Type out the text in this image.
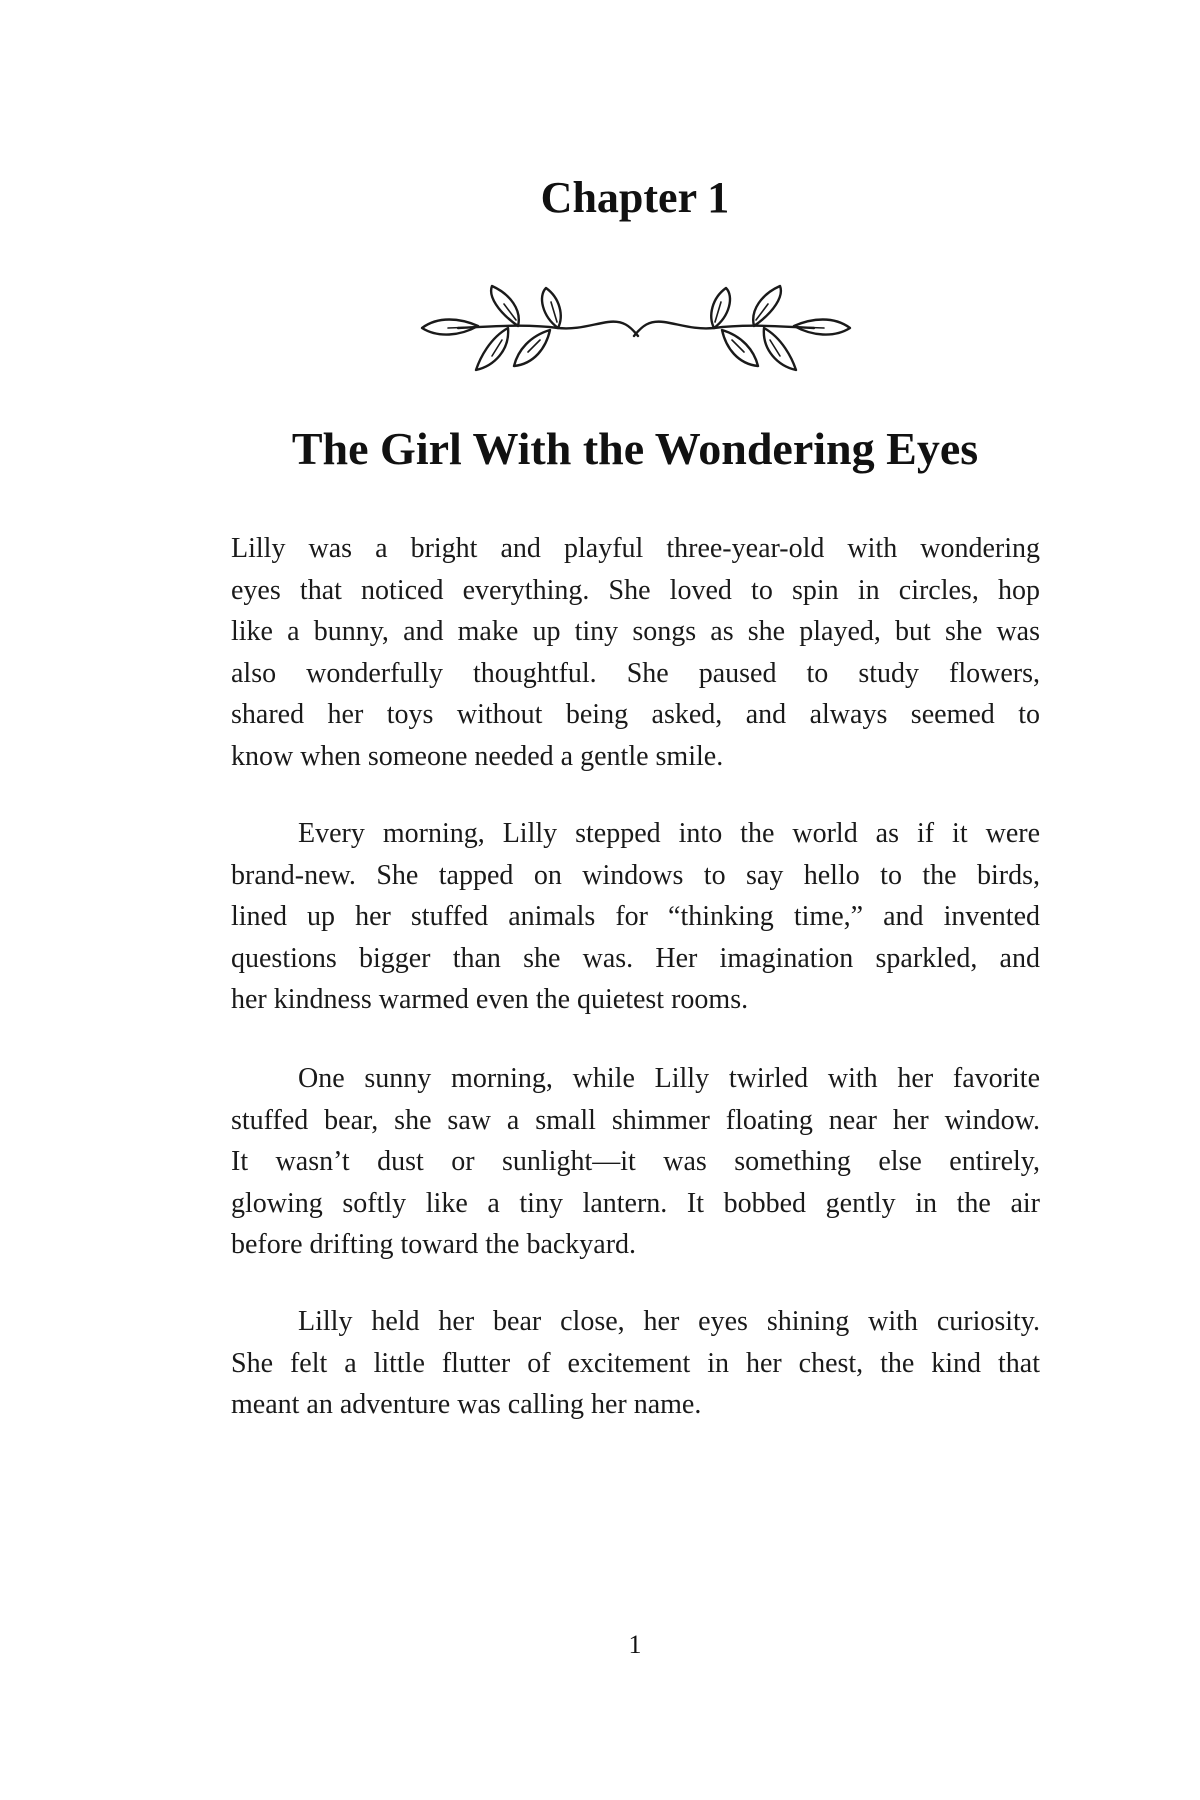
Chapter 1
The Girl With the Wondering Eyes

Lilly was a bright and playful three-year-old with wondering
eyes that noticed everything. She loved to spin in circles, hop
like a bunny, and make up tiny songs as she played, but she was
also wonderfully thoughtful. She paused to study flowers,
shared her toys without being asked, and always seemed to
know when someone needed a gentle smile.

Every morning, Lilly stepped into the world as if it were
brand-new. She tapped on windows to say hello to the birds,
lined up her stuffed animals for “thinking time,” and invented
questions bigger than she was. Her imagination sparkled, and
her kindness warmed even the quietest rooms.

One sunny morning, while Lilly twirled with her favorite
stuffed bear, she saw a small shimmer floating near her window.
It wasn’t dust or sunlight—it was something else entirely,
glowing softly like a tiny lantern. It bobbed gently in the air
before drifting toward the backyard.

Lilly held her bear close, her eyes shining with curiosity.
She felt a little flutter of excitement in her chest, the kind that
meant an adventure was calling her name.

1
